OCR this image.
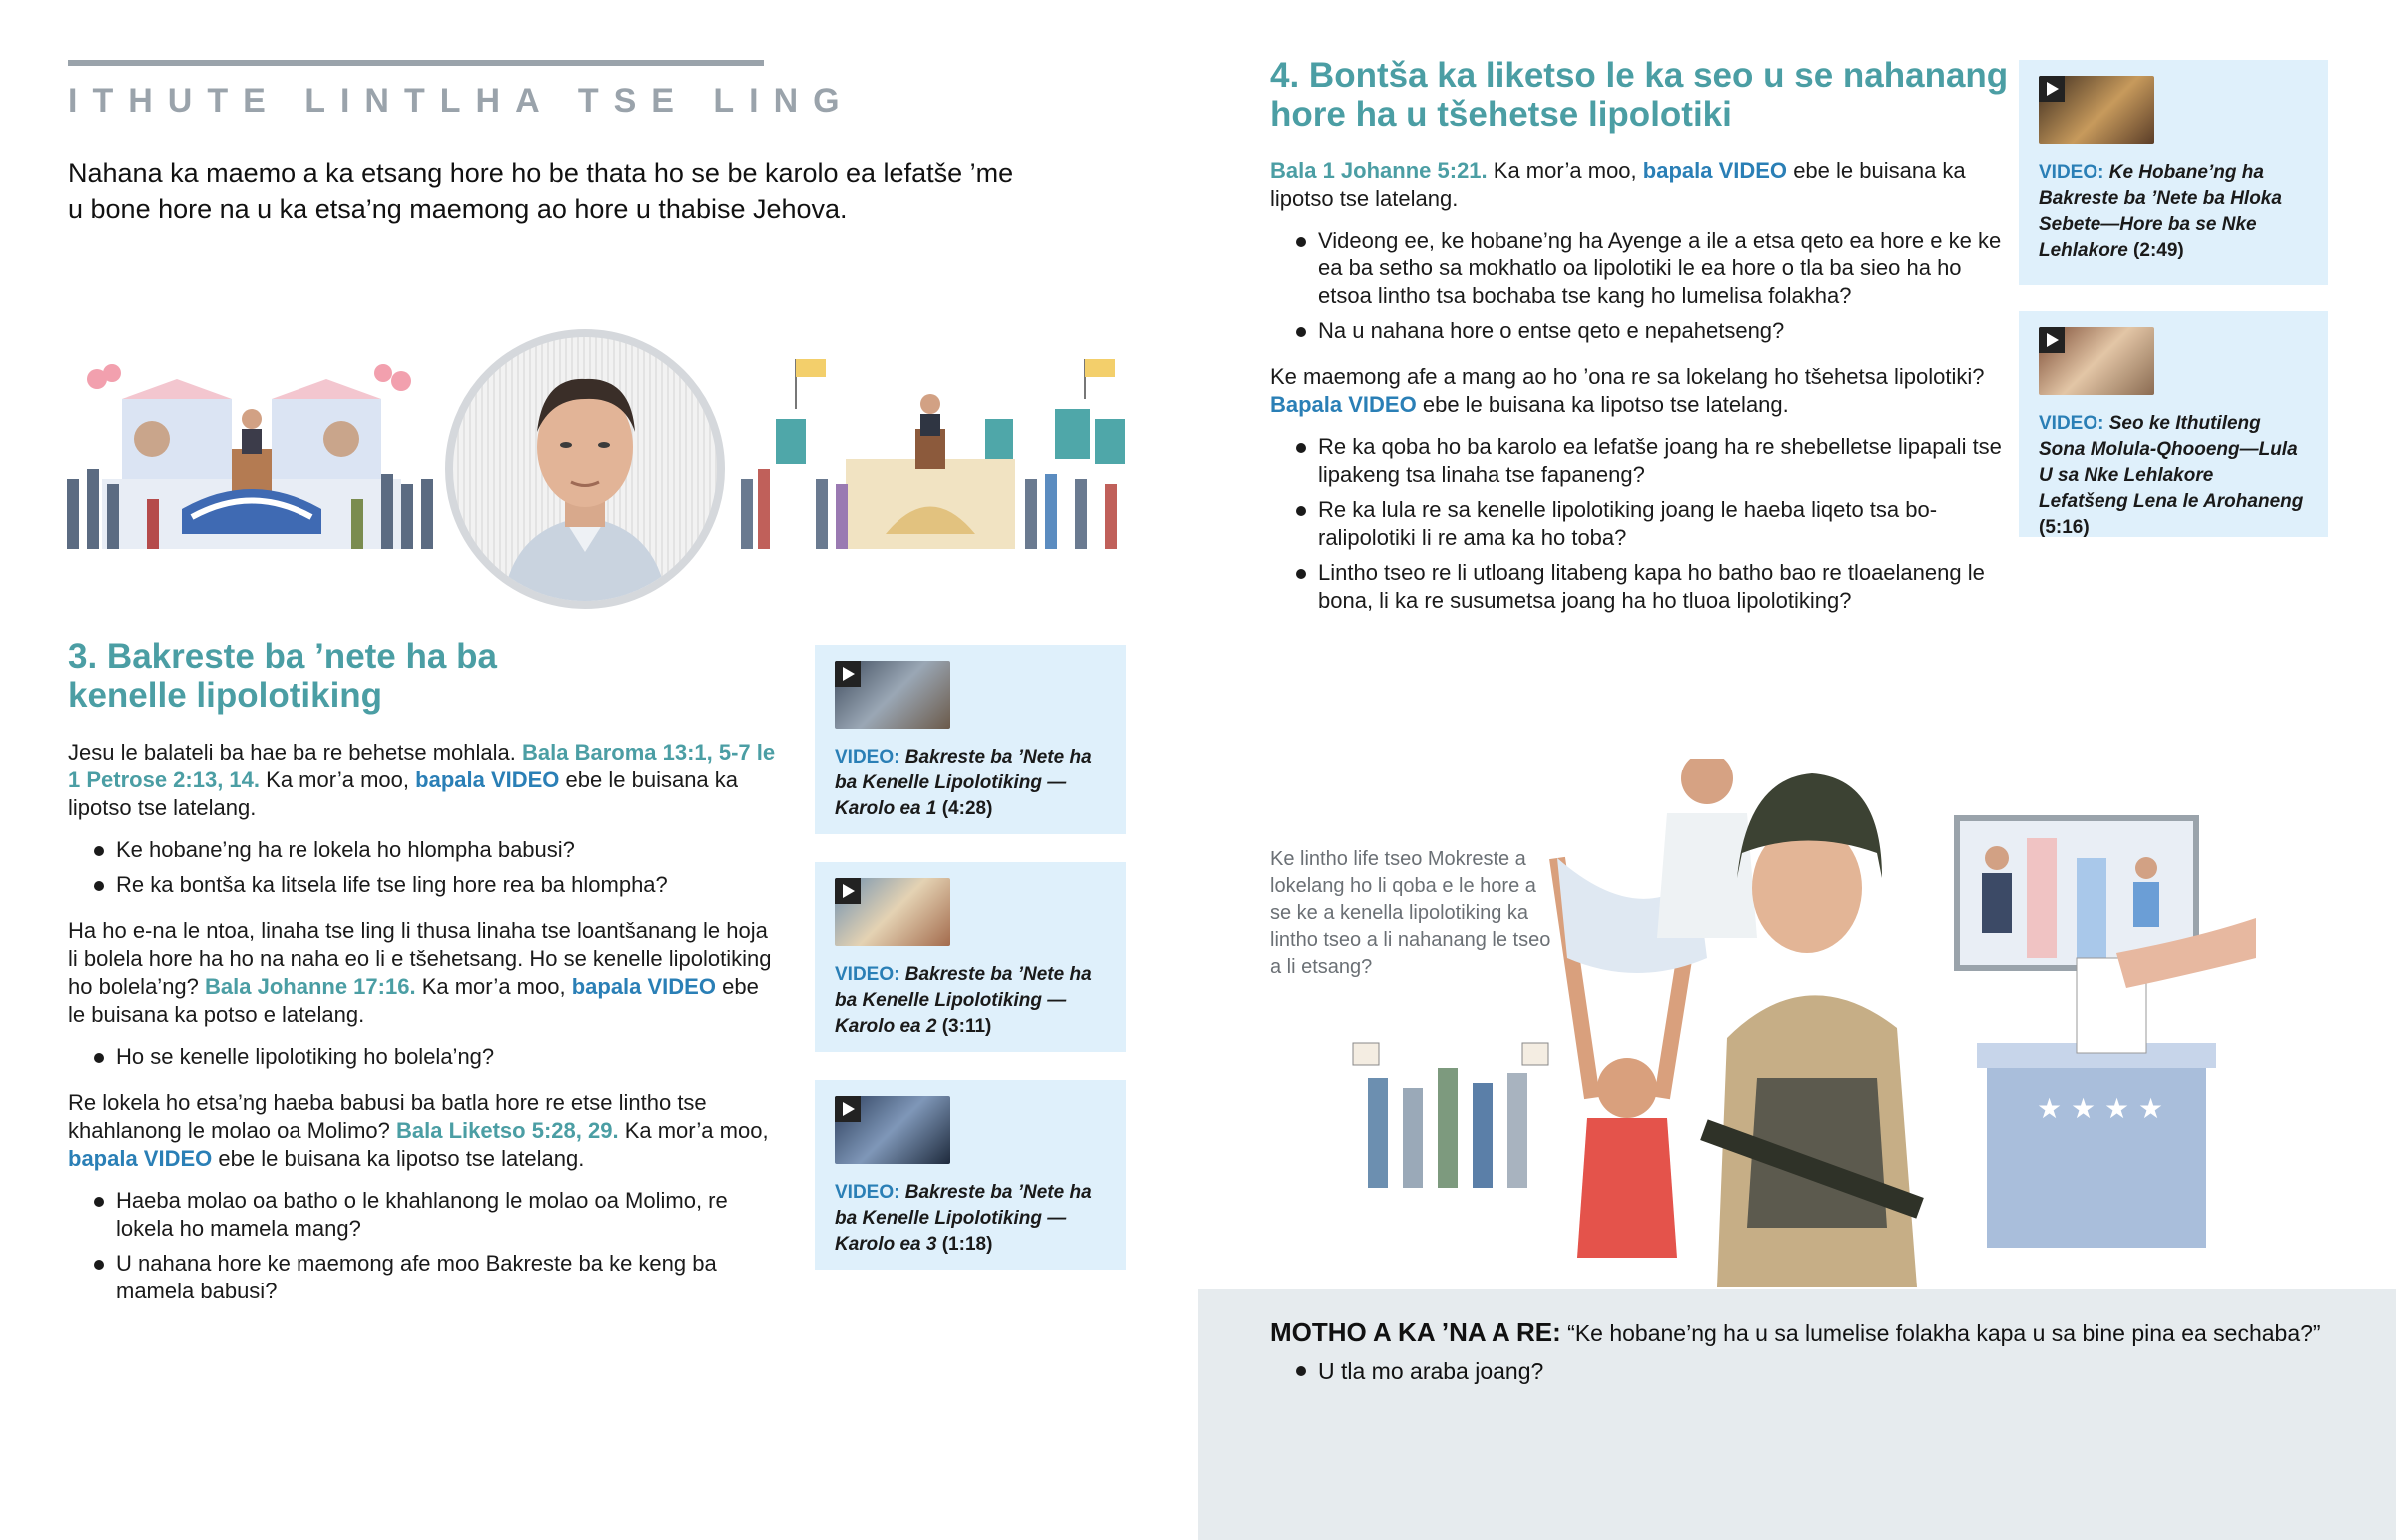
ITHUTE LINTLHA TSE LING
Nahana ka maemo a ka etsang hore ho be thata ho se be karolo ea lefatše ’me u bone hore na u ka etsa’ng maemong ao hore u thabise Jehova.
3. Bakreste ba ’nete ha ba
kenelle lipolotiking

Jesu le balateli ba hae ba re behetse mohlala. Bala Baroma 13:1, 5-7 le 1 Petrose 2:13, 14. Ka mor’a moo, bapala VIDEO ebe le buisana ka lipotso tse latelang.

Ke hobane’ng ha re lokela ho hlompha babusi?
Re ka bontša ka litsela life tse ling hore rea ba hlompha?

Ha ho e-na le ntoa, linaha tse ling li thusa linaha tse loantšanang le hoja li bolela hore ha ho na naha eo li e tšehetsang. Ho se kenelle lipolotiking ho bolela’ng? Bala Johanne 17:16. Ka mor’a moo, bapala VIDEO ebe le buisana ka potso e latelang.

Ho se kenelle lipolotiking ho bolela’ng?

Re lokela ho etsa’ng haeba babusi ba batla hore re etse lintho tse khahlanong le molao oa Molimo? Bala Liketso 5:28, 29. Ka mor’a moo, bapala VIDEO ebe le buisana ka lipotso tse latelang.

Haeba molao oa batho o le khahlanong le molao oa Molimo, re lokela ho mamela mang?
U nahana hore ke maemong afe moo Bakreste ba ke keng ba mamela babusi?
VIDEO: Bakreste ba ’Nete ha ba Kenelle Lipolotiking —Karolo ea 1 (4:28)
VIDEO: Bakreste ba ’Nete ha ba Kenelle Lipolotiking —Karolo ea 2 (3:11)
VIDEO: Bakreste ba ’Nete ha ba Kenelle Lipolotiking —Karolo ea 3 (1:18)
4. Bontša ka liketso le ka seo u se nahanang
hore ha u tšehetse lipolotiki

Bala 1 Johanne 5:21. Ka mor’a moo, bapala VIDEO ebe le buisana ka lipotso tse latelang.

Videong ee, ke hobane’ng ha Ayenge a ile a etsa qeto ea hore e ke ke ea ba setho sa mokhatlo oa lipolotiki le ea hore o tla ba sieo ha ho etsoa lintho tsa bochaba tse kang ho lumelisa folakha?
Na u nahana hore o entse qeto e nepahetseng?

Ke maemong afe a mang ao ho ’ona re sa lokelang ho tšehetsa lipolotiki? Bapala VIDEO ebe le buisana ka lipotso tse latelang.

Re ka qoba ho ba karolo ea lefatše joang ha re shebelletse lipapali tse lipakeng tsa linaha tse fapaneng?
Re ka lula re sa kenelle lipolotiking joang le haeba liqeto tsa bo-ralipolotiki li re ama ka ho toba?
Lintho tseo re li utloang litabeng kapa ho batho bao re tloaelaneng le bona, li ka re susumetsa joang ha ho tluoa lipolotiking?
VIDEO: Ke Hobane’ng ha Bakreste ba ’Nete ba Hloka Sebete—Hore ba se Nke Lehlakore (2:49)
VIDEO: Seo ke Ithutileng Sona Molula-Qhooeng—Lula U sa Nke Lehlakore Lefatšeng Lena le Arohaneng (5:16)
Ke lintho life tseo Mokreste a lokelang ho li qoba e le hore a se ke a kenella lipolotiking ka lintho tseo a li nahanang le tseo a li etsang?
★ ★ ★ ★
MOTHO A KA ’NA A RE: “Ke hobane’ng ha u sa lumelise folakha kapa u sa bine pina ea sechaba?”
U tla mo araba joang?
